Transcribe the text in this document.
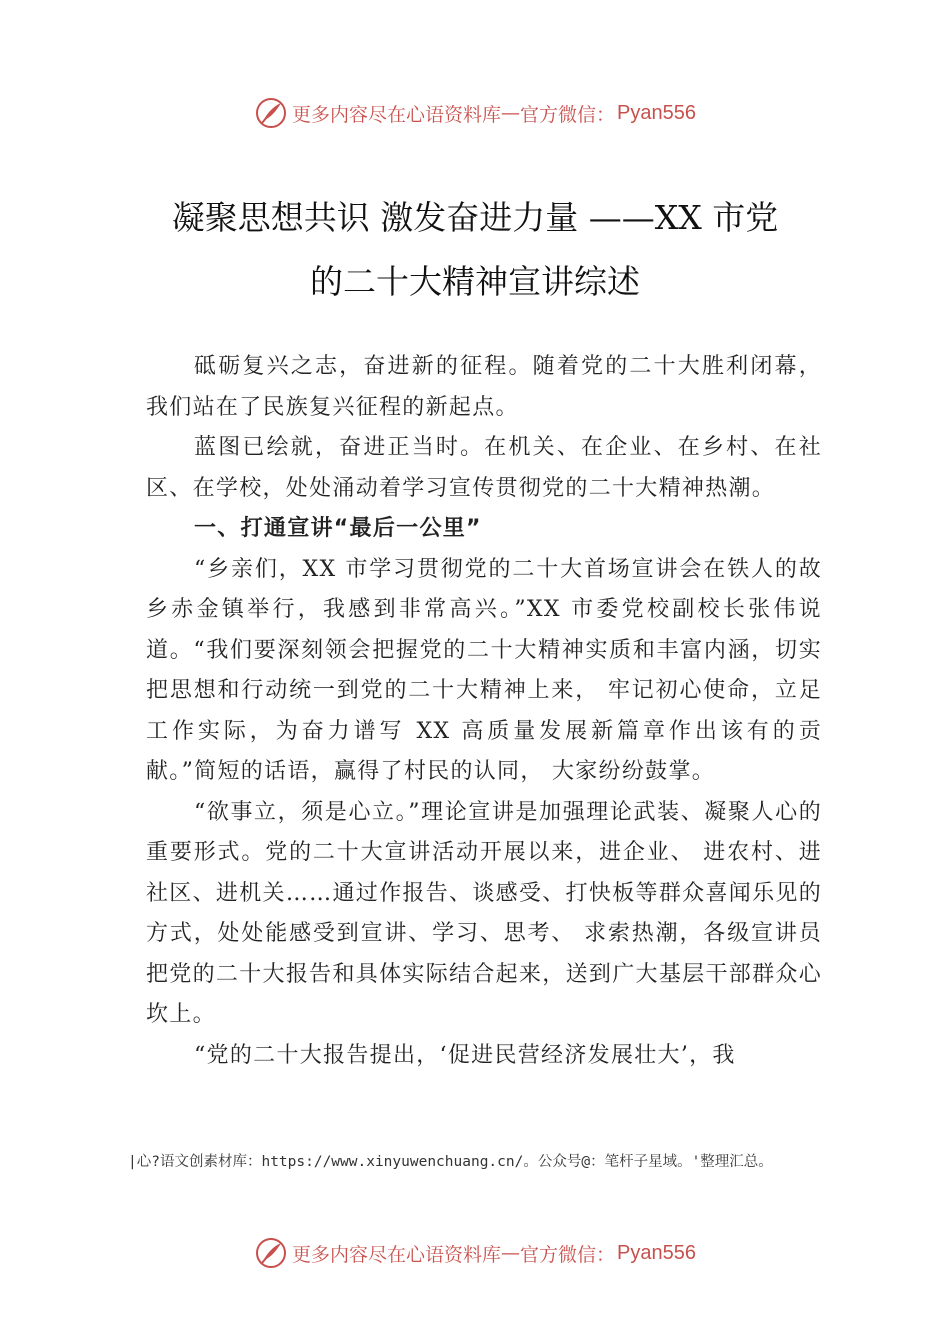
更多内容尽在心语资料库 — 官方微信： Pyan556
凝聚思想共识 激发奋进力量 ——XX 市党
的二十大精神宣讲综述

砥砺复兴之志，奋进新的征程。随着党的二十大胜利闭幕，我们站在了民族复兴征程的新起点。

蓝图已绘就，奋进正当时。在机关、在企业、在乡村、在社区、在学校，处处涌动着学习宣传贯彻党的二十大精神热潮。

一、打通宣讲“最后一公里”

“乡亲们，XX 市学习贯彻党的二十大首场宣讲会在铁人的故乡赤金镇举行，我感到非常高兴。”XX 市委党校副校长张伟说道。“我们要深刻领会把握党的二十大精神实质和丰富内涵，切实把思想和行动统一到党的二十大精神上来， 牢记初心使命，立足工作实际，为奋力谱写 XX 高质量发展新篇章作出该有的贡献。”简短的话语，赢得了村民的认同， 大家纷纷鼓掌。

“欲事立，须是心立。”理论宣讲是加强理论武装、凝聚人心的重要形式。党的二十大宣讲活动开展以来，进企业、 进农村、进社区、进机关……通过作报告、谈感受、打快板等群众喜闻乐见的方式，处处能感受到宣讲、学习、思考、 求索热潮，各级宣讲员把党的二十大报告和具体实际结合起来，送到广大基层干部群众心坎上。

“党的二十大报告提出，‘促进民营经济发展壮大’，我

|心?语文创素材库：https://www.xinyuwenchuang.cn/。公众号@：笔杆子星域。'整理汇总。
更多内容尽在心语资料库 — 官方微信： Pyan556
